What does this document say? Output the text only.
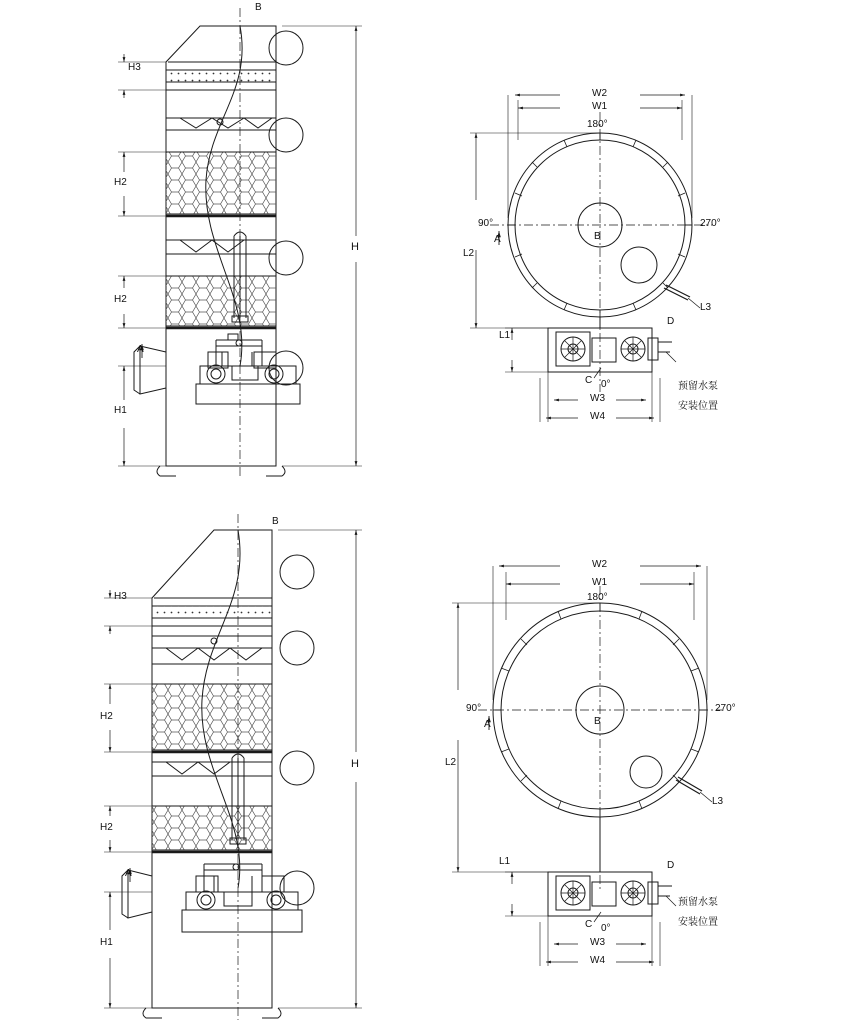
B
H
H3
H2
H2
H1
A
W2
W1
180°
90°	270°
B
A
L2
L1
L3
D
C 0°
W3
W4
预留水泵
安装位置
B
H
H3
H2
H2
H1
A
W2
W1
180°
90°	270°
B
A
L2
L1
L3
D
C 0°
W3
W4
预留水泵
安装位置
